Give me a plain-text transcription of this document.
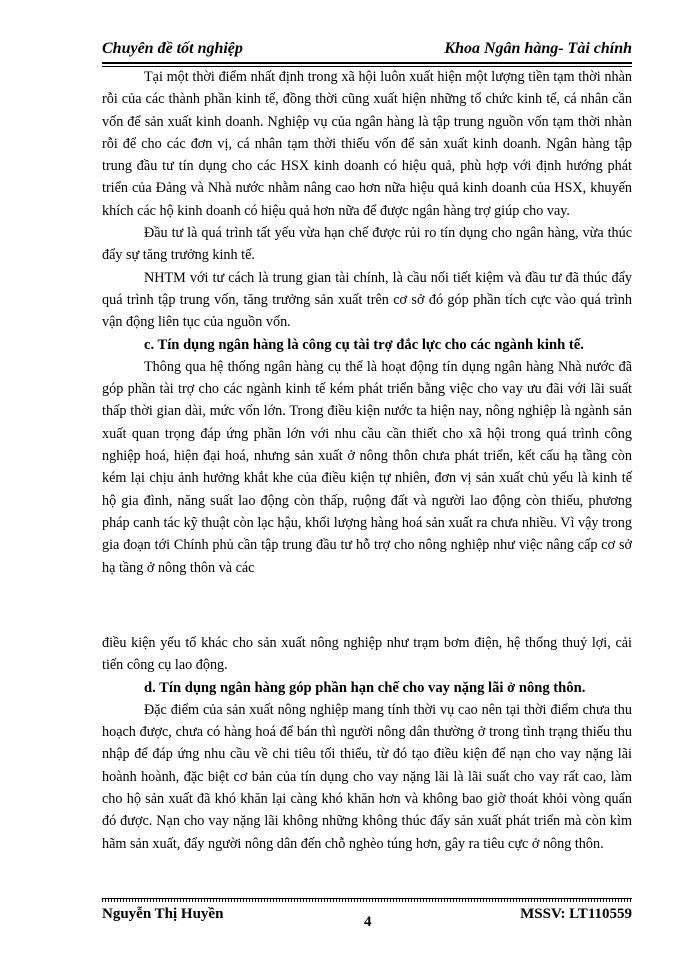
Chuyên đề tốt nghiệp	Khoa Ngân hàng- Tài chính

Tại một thời điểm nhất định trong xã hội luôn xuất hiện một lượng tiền tạm thời nhàn rỗi của các thành phần kinh tế, đồng thời cũng xuất hiện những tổ chức kinh tế, cá nhân cần vốn để sản xuất kinh doanh. Nghiệp vụ của ngân hàng là tập trung nguồn vốn tạm thời nhàn rỗi để cho các đơn vị, cá nhân tạm thời thiếu vốn để sản xuất kinh doanh. Ngân hàng tập trung đầu tư tín dụng cho các HSX kinh doanh có hiệu quả, phù hợp với định hướng phát triển của Đảng và Nhà nước nhằm nâng cao hơn nữa hiệu quả kinh doanh của HSX, khuyến khích các hộ kinh doanh có hiệu quả hơn nữa để được ngân hàng trợ giúp cho vay.

Đầu tư là quá trình tất yếu vừa hạn chế được rủi ro tín dụng cho ngân hàng, vừa thúc đẩy sự tăng trưởng kinh tế.

NHTM với tư cách là trung gian tài chính, là cầu nối tiết kiệm và đầu tư đã thúc đẩy quá trình tập trung vốn, tăng trưởng sản xuất trên cơ sở đó góp phần tích cực vào quá trình vận động liên tục của nguồn vốn.

c. Tín dụng ngân hàng là công cụ tài trợ đắc lực cho các ngành kinh tế.

Thông qua hệ thống ngân hàng cụ thể là hoạt động tín dụng ngân hàng Nhà nước đã góp phần tài trợ cho các ngành kinh tế kém phát triển bằng việc cho vay ưu đãi với lãi suất thấp thời gian dài, mức vốn lớn. Trong điều kiện nước ta hiện nay, nông nghiệp là ngành sản xuất quan trọng đáp ứng phần lớn với nhu cầu cần thiết cho xã hội trong quá trình công nghiệp hoá, hiện đại hoá, nhưng sản xuất ở nông thôn chưa phát triển, kết cấu hạ tầng còn kém lại chịu ảnh hưởng khắt khe của điều kiện tự nhiên, đơn vị sản xuất chủ yếu là kinh tế hộ gia đình, năng suất lao động còn thấp, ruộng đất và người lao động còn thiếu, phương pháp canh tác kỹ thuật còn lạc hậu, khối lượng hàng hoá sản xuất ra chưa nhiều. Vì vậy trong gia đoạn tới Chính phủ cần tập trung đầu tư hỗ trợ cho nông nghiệp như việc nâng cấp cơ sở hạ tầng ở nông thôn và các

điều kiện yếu tố khác cho sản xuất nông nghiệp như trạm bơm điện, hệ thống thuỷ lợi, cải tiến công cụ lao động.

d. Tín dụng ngân hàng góp phần hạn chế cho vay nặng lãi ở nông thôn.

Đặc điểm của sản xuất nông nghiệp mang tính thời vụ cao nên tại thời điểm chưa thu hoạch được, chưa có hàng hoá để bán thì người nông dân thường ở trong tình trạng thiếu thu nhập để đáp ứng nhu cầu về chi tiêu tối thiểu, từ đó tạo điều kiện để nạn cho vay nặng lãi hoành hoành, đặc biệt cơ bản của tín dụng cho vay nặng lãi là lãi suất cho vay rất cao, làm cho hộ sản xuất đã khó khăn lại càng khó khăn hơn và không bao giờ thoát khỏi vòng quẩn đó được. Nạn cho vay nặng lãi không những không thúc đẩy sản xuất phát triển mà còn kìm hãm sản xuất, đẩy người nông dân đến chỗ nghèo túng hơn, gây ra tiêu cực ở nông thôn.

Nguyễn Thị Huyền	4	MSSV: LT110559
